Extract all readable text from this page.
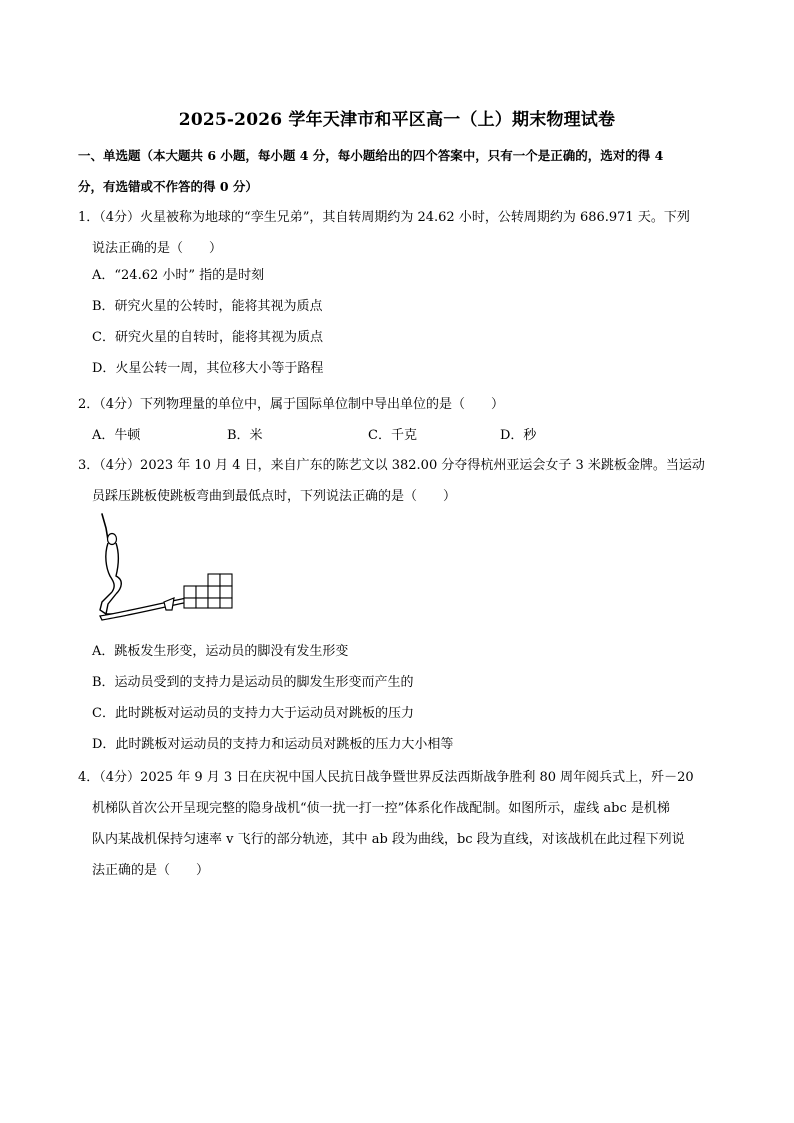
2025-2026 学年天津市和平区高一（上）期末物理试卷
一、单选题（本大题共 6 小题，每小题 4 分，每小题给出的四个答案中，只有一个是正确的，选对的得 4
分，有选错或不作答的得 0 分）
1．（4分）火星被称为地球的“孪生兄弟”，其自转周期约为 24.62 小时，公转周期约为 686.971 天。下列
说法正确的是（　　）
A．“24.62 小时” 指的是时刻
B．研究火星的公转时，能将其视为质点
C．研究火星的自转时，能将其视为质点
D．火星公转一周，其位移大小等于路程
2．（4分）下列物理量的单位中，属于国际单位制中导出单位的是（　　）
A．牛顿	B．米	C．千克	D．秒
3．（4分）2023 年 10 月 4 日，来自广东的陈艺文以 382.00 分夺得杭州亚运会女子 3 米跳板金牌。当运动
员踩压跳板使跳板弯曲到最低点时，下列说法正确的是（　　）
A．跳板发生形变，运动员的脚没有发生形变
B．运动员受到的支持力是运动员的脚发生形变而产生的
C．此时跳板对运动员的支持力大于运动员对跳板的压力
D．此时跳板对运动员的支持力和运动员对跳板的压力大小相等
4．（4分）2025 年 9 月 3 日在庆祝中国人民抗日战争暨世界反法西斯战争胜利 80 周年阅兵式上，歼－20
机梯队首次公开呈现完整的隐身战机“侦一扰一打一控”体系化作战配制。如图所示，虚线 abc 是机梯
队内某战机保持匀速率 v 飞行的部分轨迹，其中 ab 段为曲线，bc 段为直线，对该战机在此过程下列说
法正确的是（　　）
